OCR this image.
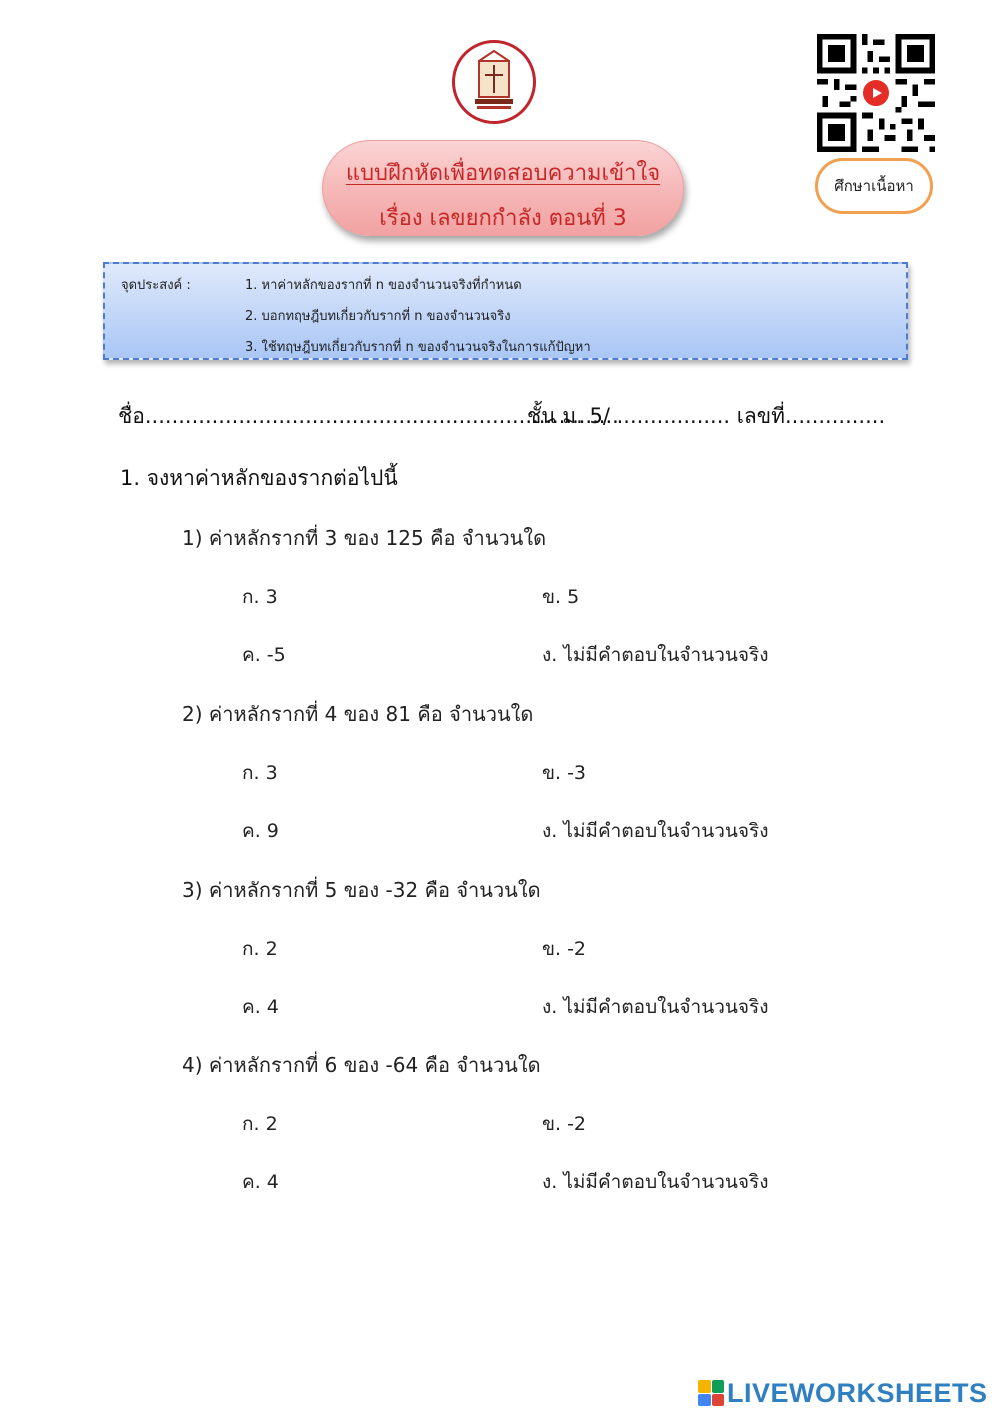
ศึกษาเนื้อหา
แบบฝึกหัดเพื่อทดสอบความเข้าใจ
เรื่อง เลขยกกำลัง ตอนที่ 3
จุดประสงค์ :	1. หาค่าหลักของรากที่ n ของจำนวนจริงที่กำหนด
2. บอกทฤษฎีบทเกี่ยวกับรากที่ n ของจำนวนจริง
3. ใช้ทฤษฎีบทเกี่ยวกับรากที่ n ของจำนวนจริงในการแก้ปัญหา
ชื่อ.......................................................................
ชั้น ม. 5/ ................. เลขที่...............
1. จงหาค่าหลักของรากต่อไปนี้
1) ค่าหลักรากที่ 3 ของ 125 คือ จำนวนใด
ก. 3	ข. 5
ค. -5	ง. ไม่มีคำตอบในจำนวนจริง
2) ค่าหลักรากที่ 4 ของ 81 คือ จำนวนใด
ก. 3	ข. -3
ค. 9	ง. ไม่มีคำตอบในจำนวนจริง
3) ค่าหลักรากที่ 5 ของ -32 คือ จำนวนใด
ก. 2	ข. -2
ค. 4	ง. ไม่มีคำตอบในจำนวนจริง
4) ค่าหลักรากที่ 6 ของ -64 คือ จำนวนใด
ก. 2	ข. -2
ค. 4	ง. ไม่มีคำตอบในจำนวนจริง
LIVEWORKSHEETS
